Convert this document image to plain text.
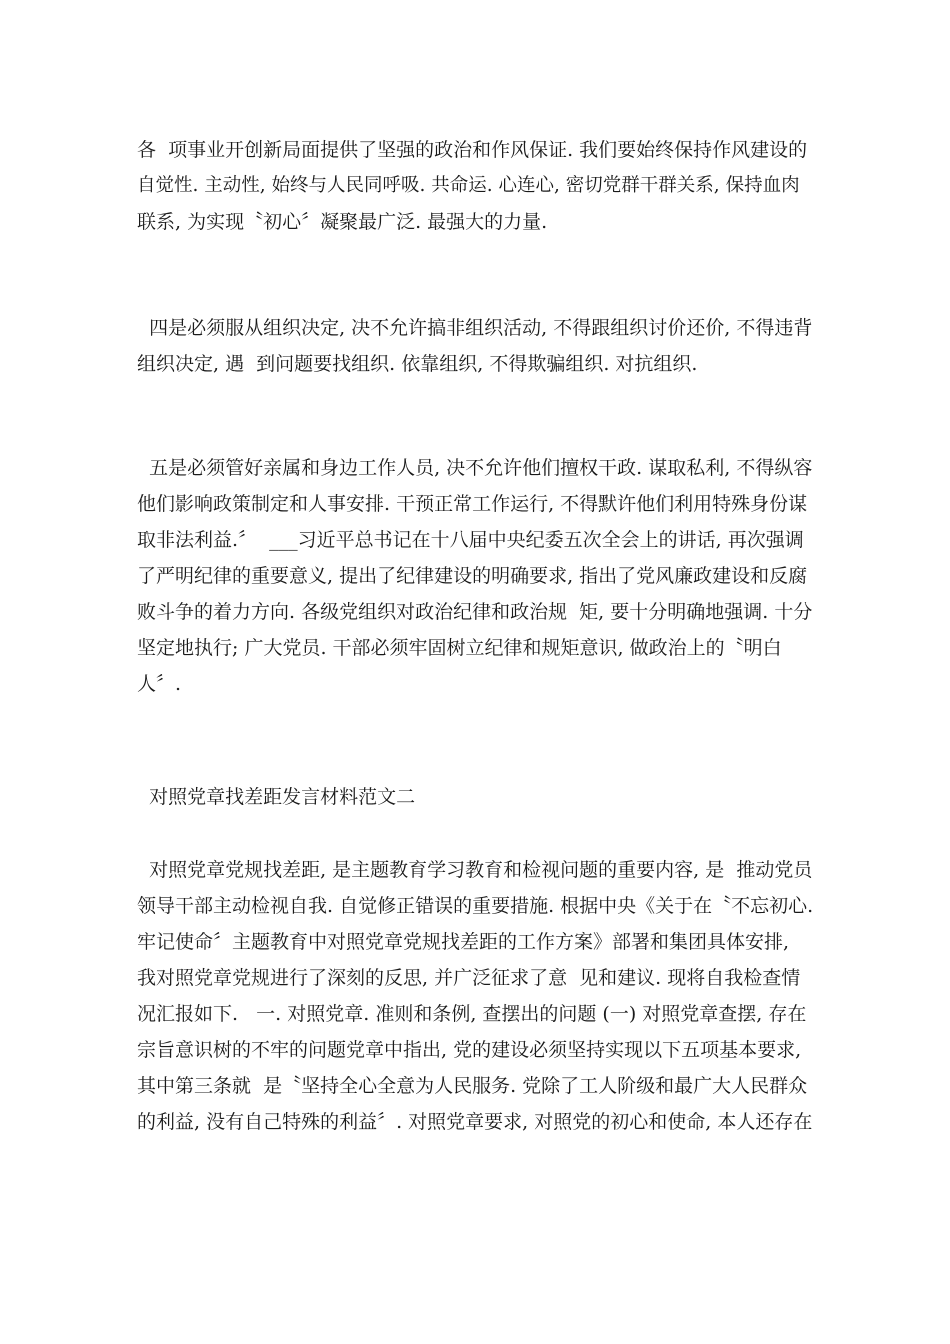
各  项事业开创新局面提供了坚强的政治和作风保证. 我们要始终保持作风建设的
自觉性. 主动性, 始终与人民同呼吸. 共命运. 心连心, 密切党群干群关系, 保持血肉
联系, 为实现〝初心〞凝聚最广泛. 最强大的力量.
四是必须服从组织决定, 决不允许搞非组织活动, 不得跟组织讨价还价, 不得违背
组织决定, 遇  到问题要找组织. 依靠组织, 不得欺骗组织. 对抗组织.
五是必须管好亲属和身边工作人员, 决不允许他们擅权干政. 谋取私利, 不得纵容
他们影响政策制定和人事安排. 干预正常工作运行, 不得默许他们利用特殊身份谋
取非法利益.〞  ___习近平总书记在十八届中央纪委五次全会上的讲话, 再次强调
了严明纪律的重要意义, 提出了纪律建设的明确要求, 指出了党风廉政建设和反腐
败斗争的着力方向. 各级党组织对政治纪律和政治规  矩, 要十分明确地强调. 十分
坚定地执行; 广大党员. 干部必须牢固树立纪律和规矩意识, 做政治上的〝明白
人〞.
对照党章找差距发言材料范文二
对照党章党规找差距, 是主题教育学习教育和检视问题的重要内容, 是  推动党员
领导干部主动检视自我. 自觉修正错误的重要措施. 根据中央《关于在〝不忘初心.
牢记使命〞主题教育中对照党章党规找差距的工作方案》部署和集团具体安排,
我对照党章党规进行了深刻的反思, 并广泛征求了意  见和建议. 现将自我检查情
况汇报如下.   一. 对照党章. 准则和条例, 查摆出的问题 (一) 对照党章查摆, 存在
宗旨意识树的不牢的问题党章中指出, 党的建设必须坚持实现以下五项基本要求,
其中第三条就  是〝坚持全心全意为人民服务. 党除了工人阶级和最广大人民群众
的利益, 没有自己特殊的利益〞. 对照党章要求, 对照党的初心和使命, 本人还存在
